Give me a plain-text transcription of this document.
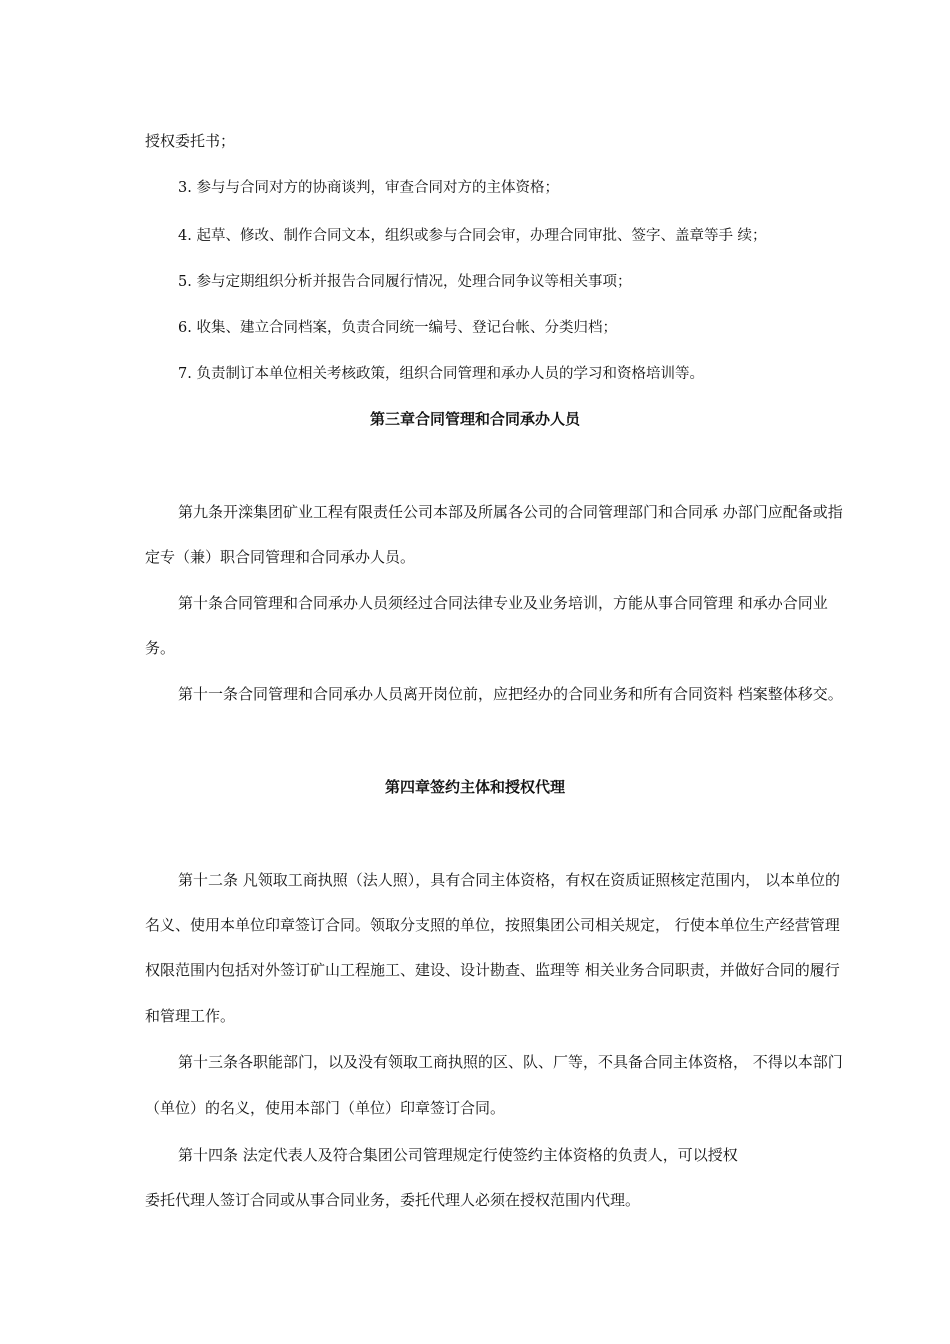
授权委托书；
3. 参与与合同对方的协商谈判，审查合同对方的主体资格；
4. 起草、修改、制作合同文本，组织或参与合同会审，办理合同审批、签字、盖章等手 续；
5. 参与定期组织分析并报告合同履行情况，处理合同争议等相关事项；
6. 收集、建立合同档案，负责合同统一编号、登记台帐、分类归档；
7. 负责制订本单位相关考核政策，组织合同管理和承办人员的学习和资格培训等。
第三章合同管理和合同承办人员
第九条开滦集团矿业工程有限责任公司本部及所属各公司的合同管理部门和合同承 办部门应配备或指
定专（兼）职合同管理和合同承办人员。
第十条合同管理和合同承办人员须经过合同法律专业及业务培训，方能从事合同管理 和承办合同业
务。
第十一条合同管理和合同承办人员离开岗位前，应把经办的合同业务和所有合同资料 档案整体移交。
第四章签约主体和授权代理
第十二条 凡领取工商执照（法人照），具有合同主体资格，有权在资质证照核定范围内， 以本单位的
名义、使用本单位印章签订合同。领取分支照的单位，按照集团公司相关规定， 行使本单位生产经营管理
权限范围内包括对外签订矿山工程施工、建设、设计勘查、监理等 相关业务合同职责，并做好合同的履行
和管理工作。
第十三条各职能部门，以及没有领取工商执照的区、队、厂等，不具备合同主体资格， 不得以本部门
（单位）的名义，使用本部门（单位）印章签订合同。
第十四条 法定代表人及符合集团公司管理规定行使签约主体资格的负责人，可以授权
委托代理人签订合同或从事合同业务，委托代理人必须在授权范围内代理。
